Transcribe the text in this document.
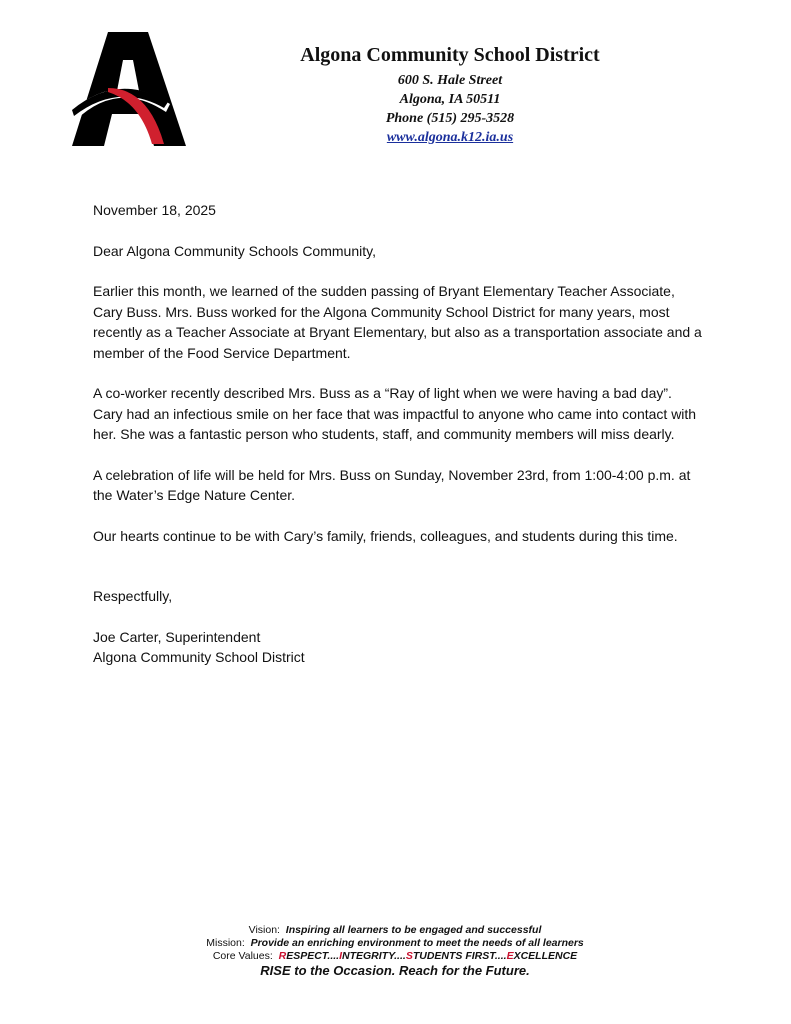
Algona Community School District
600 S. Hale Street
Algona, IA 50511
Phone (515) 295-3528
www.algona.k12.ia.us

November 18, 2025

Dear Algona Community Schools Community,

Earlier this month, we learned of the sudden passing of Bryant Elementary Teacher Associate, Cary Buss. Mrs. Buss worked for the Algona Community School District for many years, most recently as a Teacher Associate at Bryant Elementary, but also as a transportation associate and a member of the Food Service Department.

A co-worker recently described Mrs. Buss as a “Ray of light when we were having a bad day”. Cary had an infectious smile on her face that was impactful to anyone who came into contact with her. She was a fantastic person who students, staff, and community members will miss dearly.

A celebration of life will be held for Mrs. Buss on Sunday, November 23rd, from 1:00-4:00 p.m. at the Water’s Edge Nature Center.

Our hearts continue to be with Cary’s family, friends, colleagues, and students during this time.

Respectfully,

Joe Carter, Superintendent

Algona Community School District

Vision: Inspiring all learners to be engaged and successful
Mission: Provide an enriching environment to meet the needs of all learners
Core Values: RESPECT....INTEGRITY....STUDENTS FIRST....EXCELLENCE
RISE to the Occasion. Reach for the Future.
